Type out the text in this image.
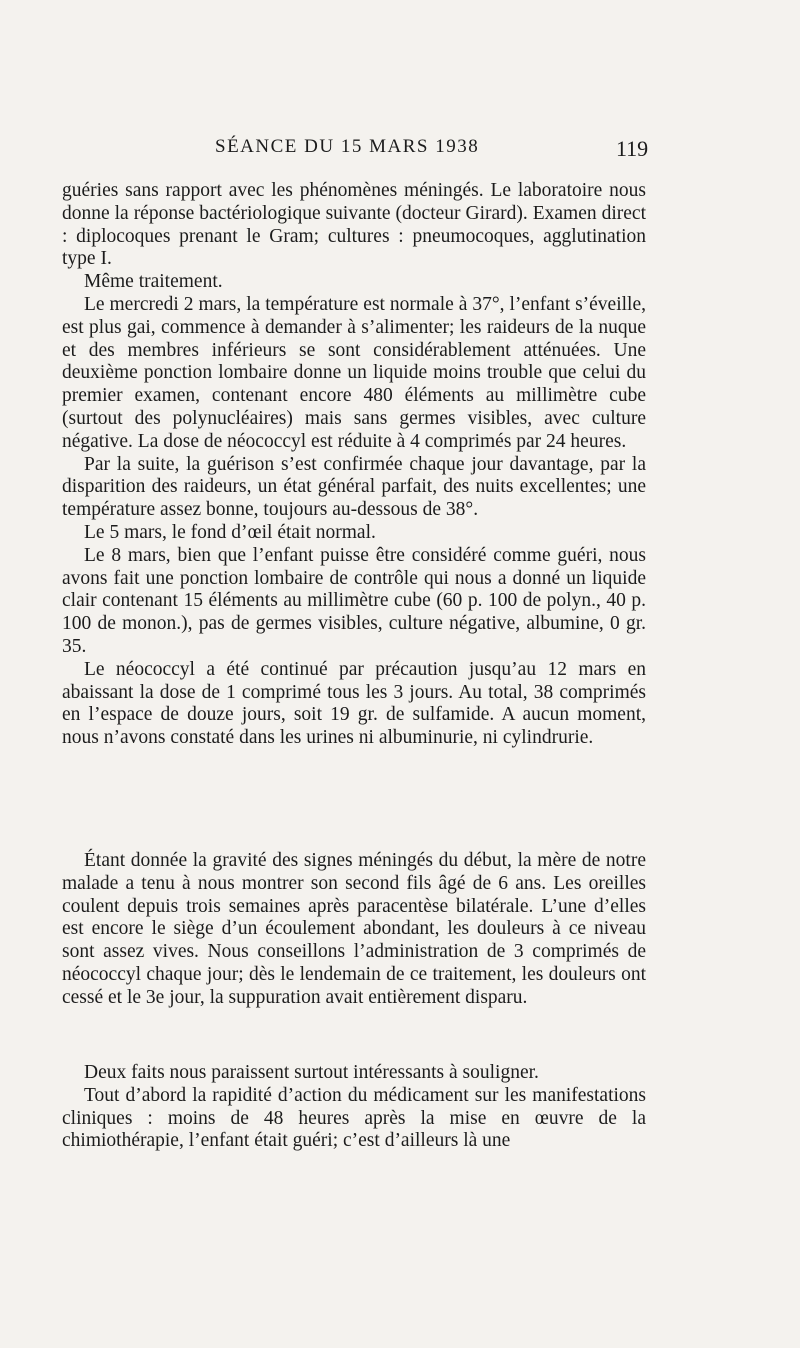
SÉANCE DU 15 MARS 1938	119

guéries sans rapport avec les phénomènes méningés. Le laboratoire nous donne la réponse bactériologique suivante (docteur Girard). Examen direct : diplocoques prenant le Gram; cultures : pneumocoques, agglutination type I.

Même traitement.

Le mercredi 2 mars, la température est normale à 37°, l’enfant s’éveille, est plus gai, commence à demander à s’alimenter; les raideurs de la nuque et des membres inférieurs se sont considérablement atténuées. Une deuxième ponction lombaire donne un liquide moins trouble que celui du premier examen, contenant encore 480 éléments au millimètre cube (surtout des polynucléaires) mais sans germes visibles, avec culture négative. La dose de néococcyl est réduite à 4 comprimés par 24 heures.

Par la suite, la guérison s’est confirmée chaque jour davantage, par la disparition des raideurs, un état général parfait, des nuits excellentes; une température assez bonne, toujours au-dessous de 38°.

Le 5 mars, le fond d’œil était normal.

Le 8 mars, bien que l’enfant puisse être considéré comme guéri, nous avons fait une ponction lombaire de contrôle qui nous a donné un liquide clair contenant 15 éléments au millimètre cube (60 p. 100 de polyn., 40 p. 100 de monon.), pas de germes visibles, culture négative, albumine, 0 gr. 35.

Le néococcyl a été continué par précaution jusqu’au 12 mars en abaissant la dose de 1 comprimé tous les 3 jours. Au total, 38 comprimés en l’espace de douze jours, soit 19 gr. de sulfamide. A aucun moment, nous n’avons constaté dans les urines ni albuminurie, ni cylindrurie.

Étant donnée la gravité des signes méningés du début, la mère de notre malade a tenu à nous montrer son second fils âgé de 6 ans. Les oreilles coulent depuis trois semaines après paracentèse bilatérale. L’une d’elles est encore le siège d’un écoulement abondant, les douleurs à ce niveau sont assez vives. Nous conseillons l’administration de 3 comprimés de néococcyl chaque jour; dès le lendemain de ce traitement, les douleurs ont cessé et le 3e jour, la suppuration avait entièrement disparu.

Deux faits nous paraissent surtout intéressants à souligner.

Tout d’abord la rapidité d’action du médicament sur les manifestations cliniques : moins de 48 heures après la mise en œuvre de la chimiothérapie, l’enfant était guéri; c’est d’ailleurs là une
